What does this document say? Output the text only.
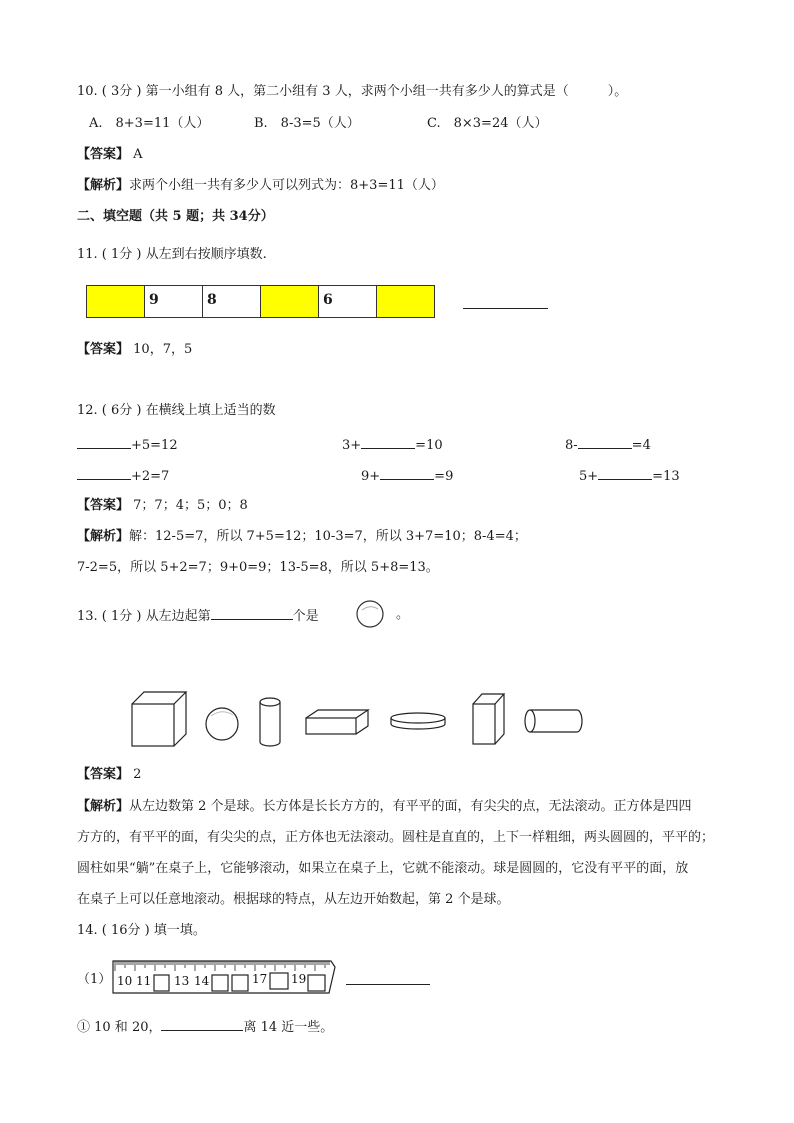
10. ( 3分 ) 第一小组有 8 人，第二小组有 3 人，求两个小组一共有多少人的算式是（　　　）。
A.　8+3=11（人）	B.　8-3=5（人）	C.　8×3=24（人）
【答案】 A
【解析】求两个小组一共有多少人可以列式为：8+3=11（人）
二、填空题（共 5 题；共 34分）
11. ( 1分 ) 从左到右按顺序填数.
9	8	6
【答案】 10，7，5
12. ( 6分 ) 在横线上填上适当的数
+5=12	3+	=10	8-	=4
+2=7	9+	=9	5+	=13
【答案】 7；7；4；5；0；8
【解析】解：12-5=7，所以 7+5=12；10-3=7，所以 3+7=10；8-4=4；
7-2=5，所以 5+2=7；9+0=9；13-5=8，所以 5+8=13。
13. ( 1分 ) 从左边起第	个是	。
【答案】 2
【解析】从左边数第 2 个是球。长方体是长长方方的，有平平的面，有尖尖的点，无法滚动。正方体是四四
方方的，有平平的面，有尖尖的点，正方体也无法滚动。圆柱是直直的，上下一样粗细，两头圆圆的，平平的；
圆柱如果“躺”在桌子上，它能够滚动，如果立在桌子上，它就不能滚动。球是圆圆的，它没有平平的面，放
在桌子上可以任意地滚动。根据球的特点，从左边开始数起，第 2 个是球。
14. ( 16分 ) 填一填。
（1） 10 11 13 14	17 19
① 10 和 20，	离 14 近一些。
